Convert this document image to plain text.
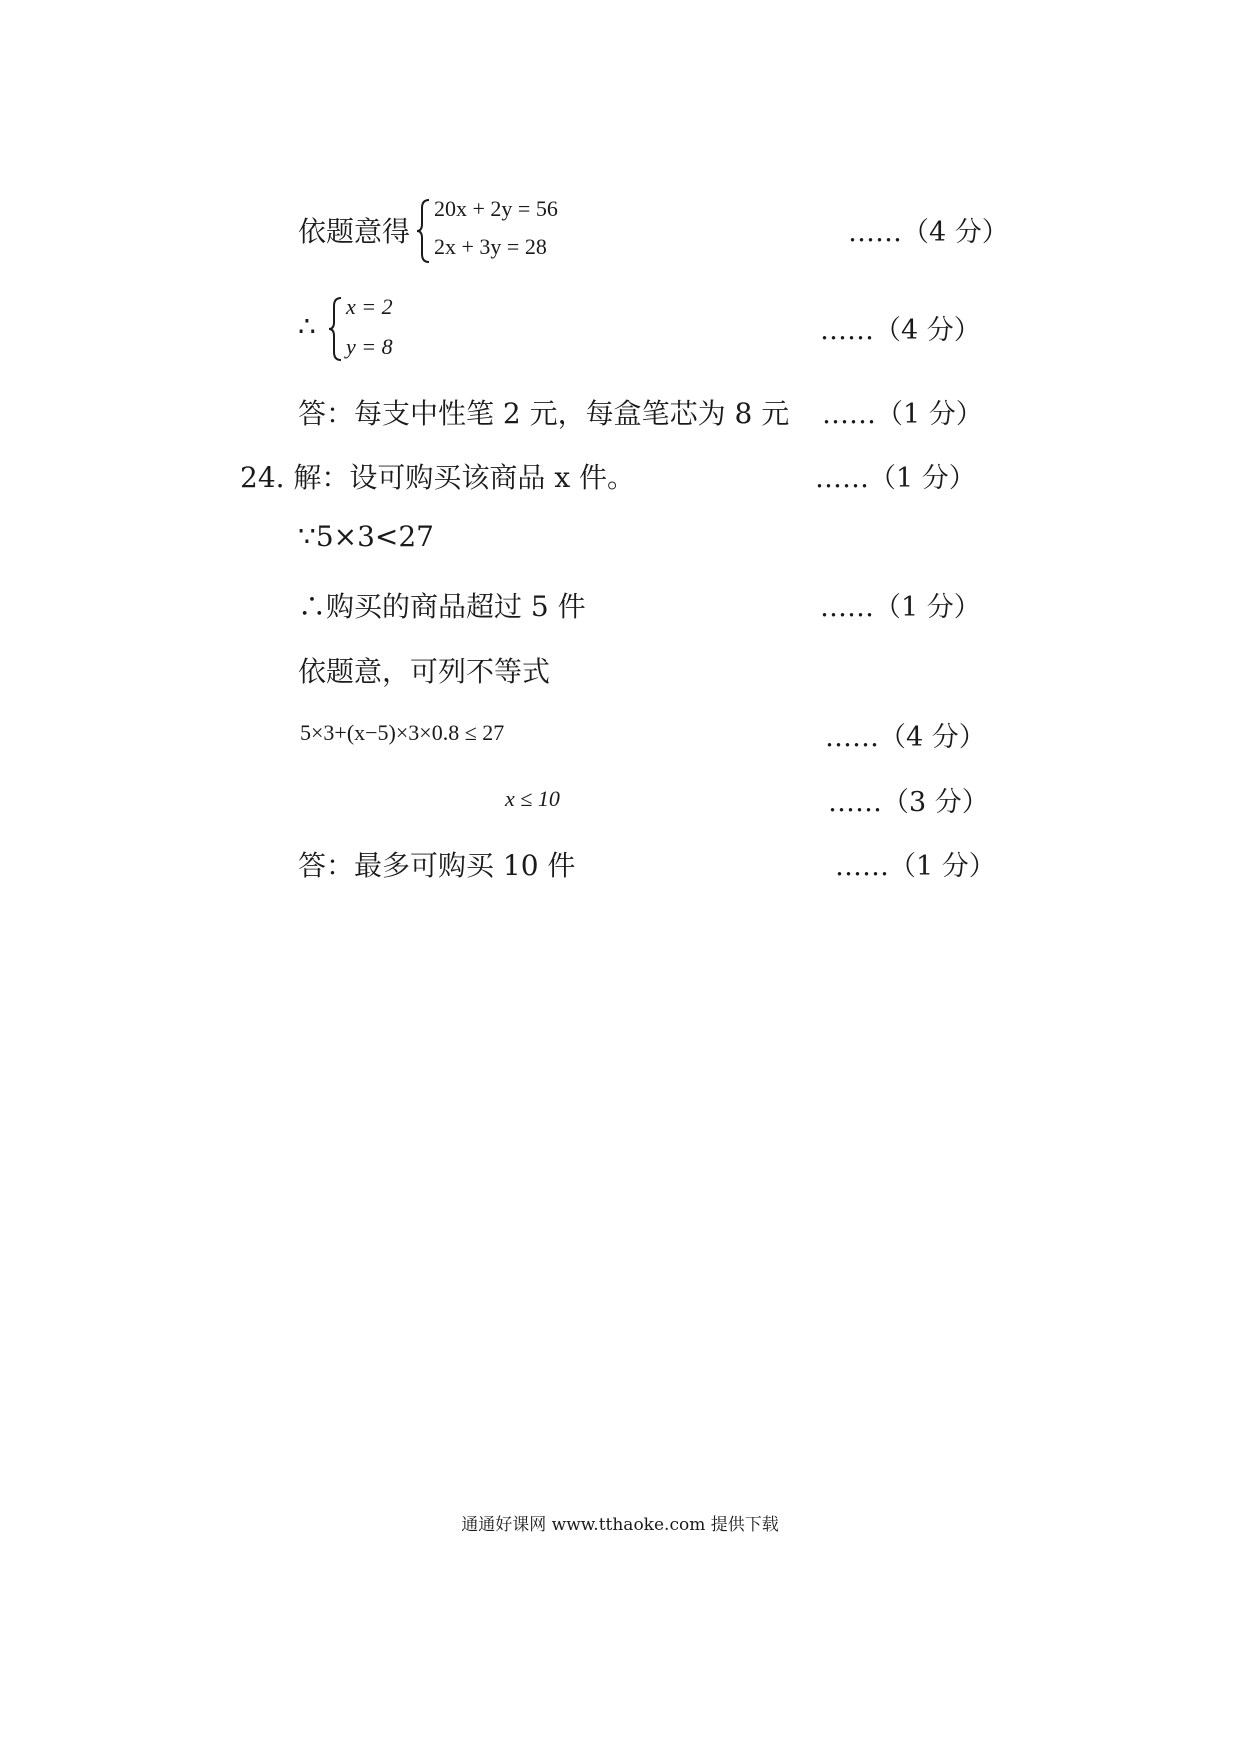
依题意得
20x + 2y = 56
2x + 3y = 28	……（4 分）
∴
x = 2
y = 8
……（4 分）
答：每支中性笔 2 元，每盒笔芯为 8 元 ……（1 分）
24. 解：设可购买该商品 x 件。	……（1 分）
∵5×3<27
∴购买的商品超过 5 件	……（1 分）
依题意，可列不等式
5×3+(x−5)×3×0.8 ≤ 27	……（4 分）
x ≤ 10	……（3 分）
答：最多可购买 10 件	……（1 分）
通通好课网 www.tthaoke.com 提供下载
